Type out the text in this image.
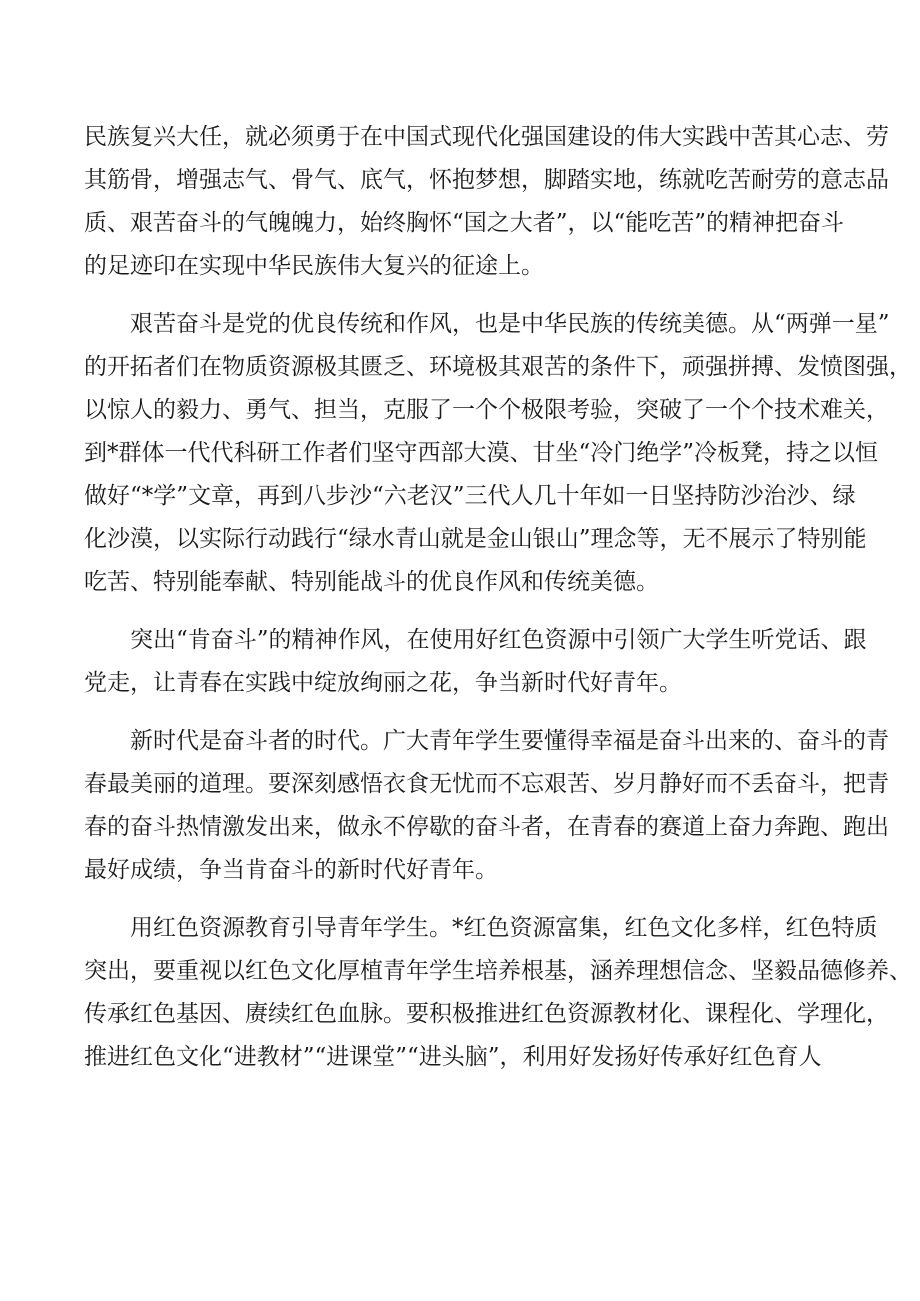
民族复兴大任，就必须勇于在中国式现代化强国建设的伟大实践中苦其心志、劳
其筋骨，增强志气、骨气、底气，怀抱梦想，脚踏实地，练就吃苦耐劳的意志品
质、艰苦奋斗的气魄魄力，始终胸怀“国之大者”，以“能吃苦”的精神把奋斗
的足迹印在实现中华民族伟大复兴的征途上。

艰苦奋斗是党的优良传统和作风，也是中华民族的传统美德。从“两弹一星”
的开拓者们在物质资源极其匮乏、环境极其艰苦的条件下，顽强拼搏、发愤图强，
以惊人的毅力、勇气、担当，克服了一个个极限考验，突破了一个个技术难关，
到*群体一代代科研工作者们坚守西部大漠、甘坐“冷门绝学”冷板凳，持之以恒
做好“*学”文章，再到八步沙“六老汉”三代人几十年如一日坚持防沙治沙、绿
化沙漠，以实际行动践行“绿水青山就是金山银山”理念等，无不展示了特别能
吃苦、特别能奉献、特别能战斗的优良作风和传统美德。

突出“肯奋斗”的精神作风，在使用好红色资源中引领广大学生听党话、跟
党走，让青春在实践中绽放绚丽之花，争当新时代好青年。

新时代是奋斗者的时代。广大青年学生要懂得幸福是奋斗出来的、奋斗的青
春最美丽的道理。要深刻感悟衣食无忧而不忘艰苦、岁月静好而不丢奋斗，把青
春的奋斗热情激发出来，做永不停歇的奋斗者，在青春的赛道上奋力奔跑、跑出
最好成绩，争当肯奋斗的新时代好青年。

用红色资源教育引导青年学生。*红色资源富集，红色文化多样，红色特质
突出，要重视以红色文化厚植青年学生培养根基，涵养理想信念、坚毅品德修养、
传承红色基因、赓续红色血脉。要积极推进红色资源教材化、课程化、学理化，
推进红色文化“进教材”“进课堂”“进头脑”，利用好发扬好传承好红色育人
